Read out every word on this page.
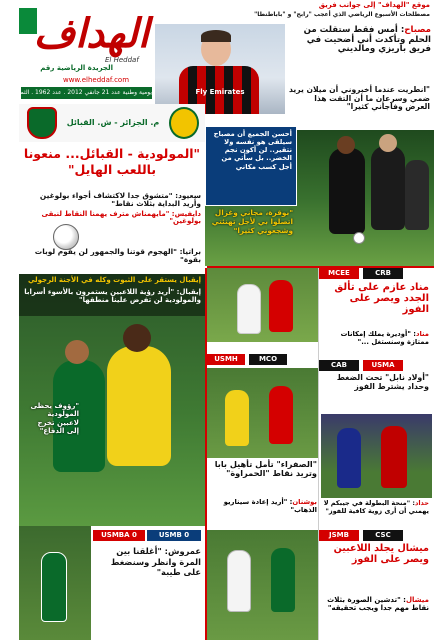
الهداف
El Heddaf
الجريدة الرياضية رقم
www.elheddaf.com
يومية وطنية عدد 21 جانفي 2012 . عدد 1962 . الثمن 20دج
موقع "الهداف" إلى جوانب فريق
مصطلحات الأسبوع الرياضي الذي أعجب "رابح" و "باباطنطا"
Fly Emirates
مصباح: أمس فقط ستقلت من الحلم وتأكدت أني أضحيت في فريق باريزي ومالديني
"انطريت عندما أخبروني أن ميلان يريد ضمي وسرعان ما أن التقت هذا العرض وفاجأني كثيرا"
م. الجزائر - ش. القبائل
"المولودية - القبائل... منعونا باللعب الهايل"
أحسن الجميع أن مصباح سيلقى هو نفسه ولا نتقير.. لن أكون نجم الخضر.. بل سأتي من أجل كسب مكاني
"بوقرة، مجاني وغزال اتصلوا بي لأجل تهنئتي وشجعوني كثيرا"
سعيود: "متشوق جدا لاكتشاف أجواء بولوغين وأريد البداية بثلاث نقاط"
دايفيس: "مايهمناش مترف يهمنا النقاط لنبقى بولوغين"
براتيا: "الهجوم قوتنا والجمهور لن يقوم لوبات بقوة"
إيقبال يستقر على الثبوت وكله في الأجنة الرجولي
إيقبال: "أريد رؤية اللاعبين يستمرون بالأسوء أسرابا والمولودية لن تفرض علينا منطقها"
"رؤوف يحظى المولودية لاعبين تخرج إلى الدفاع"
MCEE	CRB
مناد عازم على تألق الجدد ويصر على الفوز
مناد: "أوديرة يملك إمكانات ممتازة وسنستغل ..."
USMH	MCO
"الصفراء" تأمل تأهيل بابا وتريد نقاط "الحمراوة"
بوشنان: "أريد إعادة سيناريو الذهاب"
CAB	USMA
"أولاد نابل" تحت الضغط وحداد يشترط الفوز
حداد: "منحة البطولة في جيبكم لا يهمني أن أرى زوية كافية للفوز"
USMB 0
USMBA 0
عمروش: "أغلقنا بين المرة وانظر وسنضغط على طيبة"
JSMB	CSC
ميشال يجلد اللاعبين ويصر على الفوز
ميشال: "تدشين الصورة بثلاث نقاط مهم جدا ويجب تحقيقه"
